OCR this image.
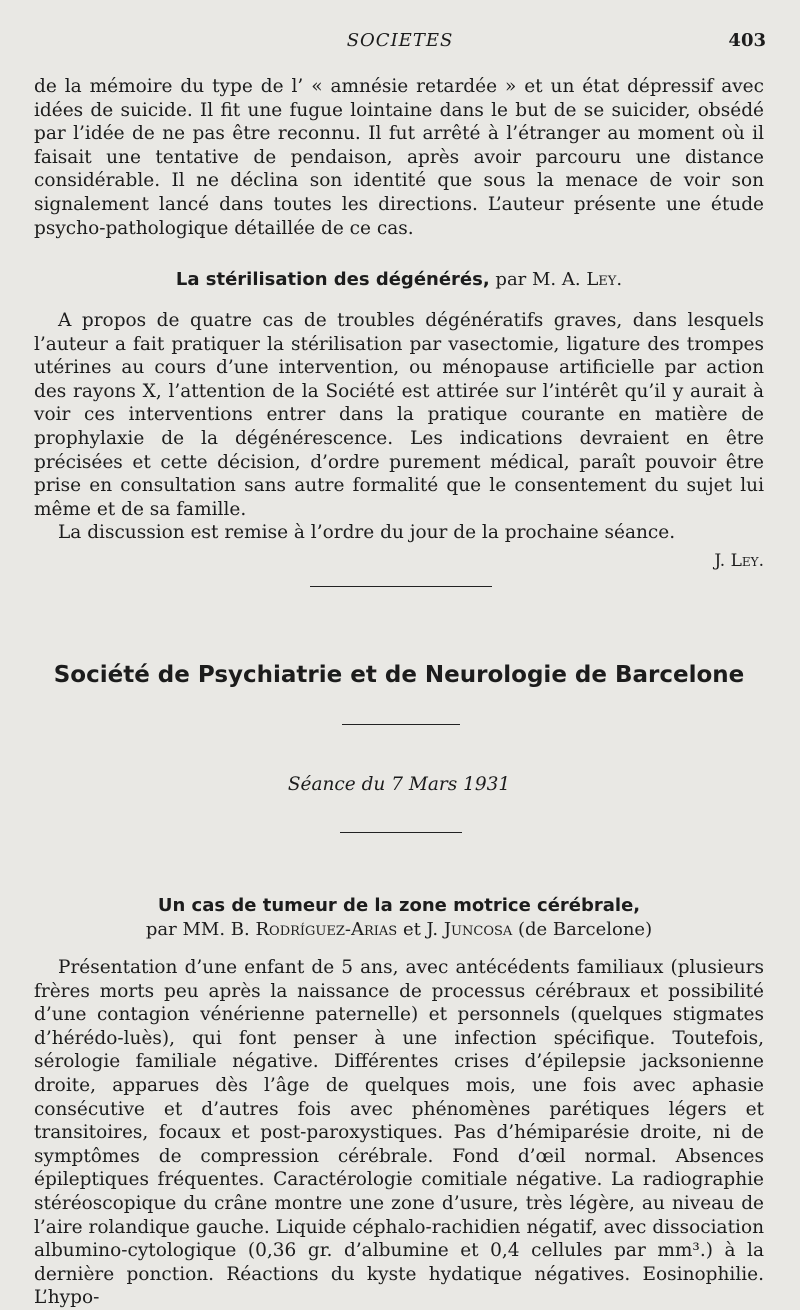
SOCIETES	403

de la mémoire du type de l’ « amnésie retardée » et un état dépressif avec idées de suicide. Il fit une fugue lointaine dans le but de se suicider, obsédé par l’idée de ne pas être reconnu. Il fut arrêté à l’étranger au moment où il faisait une tentative de pendaison, après avoir parcouru une distance considérable. Il ne déclina son identité que sous la menace de voir son signalement lancé dans toutes les directions. L’auteur présente une étude psycho-pathologique détaillée de ce cas.

La stérilisation des dégénérés, par M. A. Ley.

A propos de quatre cas de troubles dégénératifs graves, dans lesquels l’auteur a fait pratiquer la stérilisation par vasectomie, ligature des trompes utérines au cours d’une intervention, ou ménopause artificielle par action des rayons X, l’attention de la Société est attirée sur l’intérêt qu’il y aurait à voir ces interventions entrer dans la pratique courante en matière de prophylaxie de la dégénérescence. Les indications devraient en être précisées et cette décision, d’ordre purement médical, paraît pouvoir être prise en consultation sans autre formalité que le consentement du sujet lui même et de sa famille.

La discussion est remise à l’ordre du jour de la prochaine séance.

J. Ley.
Société de Psychiatrie et de Neurologie de Barcelone
Séance du 7 Mars 1931
Un cas de tumeur de la zone motrice cérébrale,
par MM. B. Rodríguez-Arias et J. Juncosa (de Barcelone)

Présentation d’une enfant de 5 ans, avec antécédents familiaux (plusieurs frères morts peu après la naissance de processus cérébraux et possibilité d’une contagion vénérienne paternelle) et personnels (quelques stigmates d’hérédo-luès), qui font penser à une infection spécifique. Toutefois, sérologie familiale négative. Différentes crises d’épilepsie jacksonienne droite, apparues dès l’âge de quelques mois, une fois avec aphasie consécutive et d’autres fois avec phénomènes parétiques légers et transitoires, focaux et post-paroxystiques. Pas d’hémiparésie droite, ni de symptômes de compression cérébrale. Fond d’œil normal. Absences épileptiques fréquentes. Caractérologie comitiale négative. La radiographie stéréoscopique du crâne montre une zone d’usure, très légère, au niveau de l’aire rolandique gauche. Liquide céphalo-rachidien négatif, avec dissociation albumino-cytologique (0,36 gr. d’albumine et 0,4 cellules par mm³.) à la dernière ponction. Réactions du kyste hydatique négatives. Eosinophilie. L’hypo-
